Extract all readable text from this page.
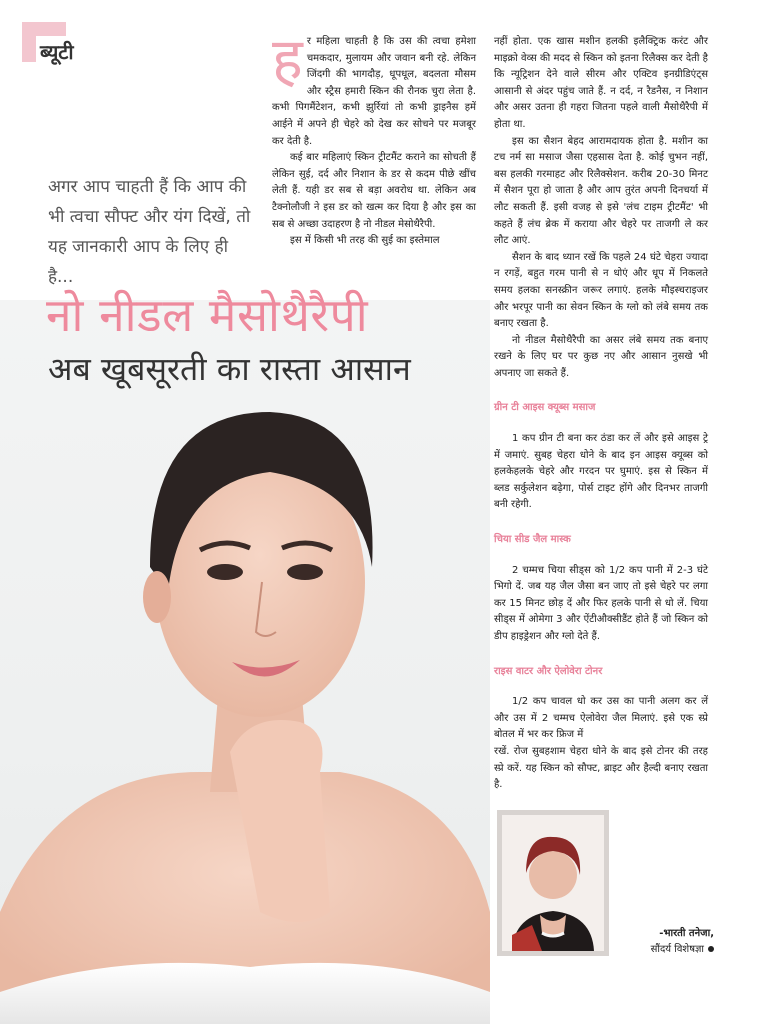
ब्यूटी
अगर आप चाहती हैं कि आप की भी त्वचा सौफ्ट और यंग दिखें, तो यह जानकारी आप के लिए ही है...

हर महिला चाहती है कि उस की त्वचा हमेशा चमकदार, मुलायम और जवान बनी रहे. लेकिन जिंदगी की भागदौड़, धूपधूल, बदलता मौसम और स्ट्रैस हमारी स्किन की रौनक चुरा लेता है. कभी पिगमैंटेशन, कभी झुर्रियां तो कभी ड्राइनैस हमें आईने में अपने ही चेहरे को देख कर सोचने पर मजबूर कर देती है.

कई बार महिलाएं स्किन ट्रीटमैंट कराने का सोचती हैं लेकिन सुई, दर्द और निशान के डर से कदम पीछे खींच लेती हैं. यही डर सब से बड़ा अवरोध था. लेकिन अब टैक्नोलौजी ने इस डर को खत्म कर दिया है और इस का सब से अच्छा उदाहरण है नो नीडल मेसोथैरैपी.

इस में किसी भी तरह की सुई का इस्तेमाल

नहीं होता. एक खास मशीन हलकी इलैक्ट्रिक करंट और माइक्रो वेव्स की मदद से स्किन को इतना रिलैक्स कर देती है कि न्यूट्रिशन देने वाले सीरम और एक्टिव इनग्रीडिएंट्स आसानी से अंदर पहुंच जाते हैं. न दर्द, न रैडनैस, न निशान और असर उतना ही गहरा जितना पहले वाली मैसोथैरैपी में होता था.

इस का सैशन बेहद आरामदायक होता है. मशीन का टच नर्म सा मसाज जैसा एहसास देता है. कोई चुभन नहीं, बस हलकी गरमाहट और रिलैक्सेशन. करीब 20-30 मिनट में सैशन पूरा हो जाता है और आप तुरंत अपनी दिनचर्या में लौट सकती हैं. इसी वजह से इसे 'लंच टाइम ट्रीटमैंट' भी कहते हैं लंच ब्रेक में कराया और चेहरे पर ताजगी ले कर लौट आएं.

सैशन के बाद ध्यान रखें कि पहले 24 घंटे चेहरा ज्यादा न रगड़ें, बहुत गरम पानी से न धोएं और धूप में निकलते समय हलका सनस्क्रीन जरूर लगाएं. हलके मौइस्चराइजर और भरपूर पानी का सेवन स्किन के ग्लो को लंबे समय तक बनाए रखता है.

नो नीडल मैसोथैरैपी का असर लंबे समय तक बनाए रखने के लिए घर पर कुछ नए और आसान नुसखे भी अपनाए जा सकते हैं.

ग्रीन टी आइस क्यूब्स मसाज

1 कप ग्रीन टी बना कर ठंडा कर लें और इसे आइस ट्रे में जमाएं. सुबह चेहरा धोने के बाद इन आइस क्यूब्स को हलकेहलके चेहरे और गरदन पर घुमाएं. इस से स्किन में ब्लड सर्कुलेशन बढ़ेगा, पोर्स टाइट होंगे और दिनभर ताजगी बनी रहेगी.

चिया सीड जैल मास्क

2 चम्मच चिया सीड्स को 1/2 कप पानी में 2-3 घंटे भिगो दें. जब यह जैल जैसा बन जाए तो इसे चेहरे पर लगा कर 15 मिनट छोड़ दें और फिर हलके पानी से धो लें. चिया सीड्स में ओमेगा 3 और ऐंटीऔक्सीडैंट होते हैं जो स्किन को डीप हाइड्रेशन और ग्लो देते हैं.

राइस वाटर और ऐलोवेरा टोनर

1/2 कप चावल धो कर उस का पानी अलग कर लें और उस में 2 चम्मच ऐलोवेरा जैल मिलाएं. इसे एक स्प्रे बोतल में भर कर फ्रिज में

रखें. रोज सुबहशाम चेहरा धोने के बाद इसे टोनर की तरह स्प्रे करें. यह स्किन को सौफ्ट, ब्राइट और हैल्दी बनाए रखता है.

नो नीडल मैसोथैरैपी
अब खूबसूरती का रास्ता आसान
-भारती तनेजा,
सौंदर्य विशेषज्ञा
